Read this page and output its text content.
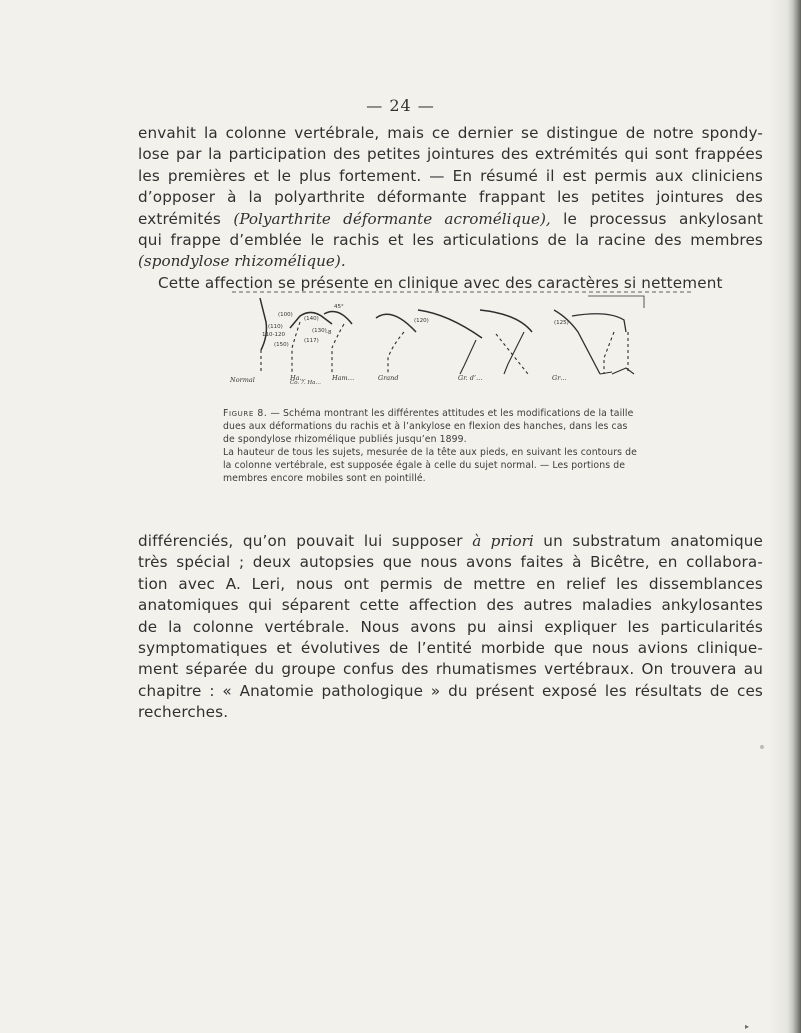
— 24 —
envahit la colonne vertébrale, mais ce dernier se distingue de notre spondy-
lose par la participation des petites jointures des extrémités qui sont frappées
les premières et le plus fortement. — En résumé il est permis aux cliniciens
d’opposer à la polyarthrite déformante frappant les petites jointures des
extrémités (Polyarthrite déformante acromélique), le processus ankylosant
qui frappe d’emblée le rachis et les articulations de la racine des membres
(spondylose rhizomélique).
Cette affection se présente en clinique avec des caractères si nettement
(100)
(140)
(110)
110-120
(150)
(130)
45°
(117)
-8
(120)	(125)
Normal	Ha…	Ham…	Grand	Gr. d’…	Gr…
Co. ?. Ha…
Figure 8. — Schéma montrant les différentes attitudes et les modifications de la taille
dues aux déformations du rachis et à l’ankylose en flexion des hanches, dans les cas
de spondylose rhizomélique publiés jusqu’en 1899.
La hauteur de tous les sujets, mesurée de la tête aux pieds, en suivant les contours de
la colonne vertébrale, est supposée égale à celle du sujet normal. — Les portions de
membres encore mobiles sont en pointillé.
différenciés, qu’on pouvait lui supposer à priori un substratum anatomique
très spécial ; deux autopsies que nous avons faites à Bicêtre, en collabora-
tion avec A. Leri, nous ont permis de mettre en relief les dissemblances
anatomiques qui séparent cette affection des autres maladies ankylosantes
de la colonne vertébrale. Nous avons pu ainsi expliquer les particularités
symptomatiques et évolutives de l’entité morbide que nous avions clinique-
ment séparée du groupe confus des rhumatismes vertébraux. On trouvera au
chapitre : « Anatomie pathologique » du présent exposé les résultats de ces
recherches.
▸
